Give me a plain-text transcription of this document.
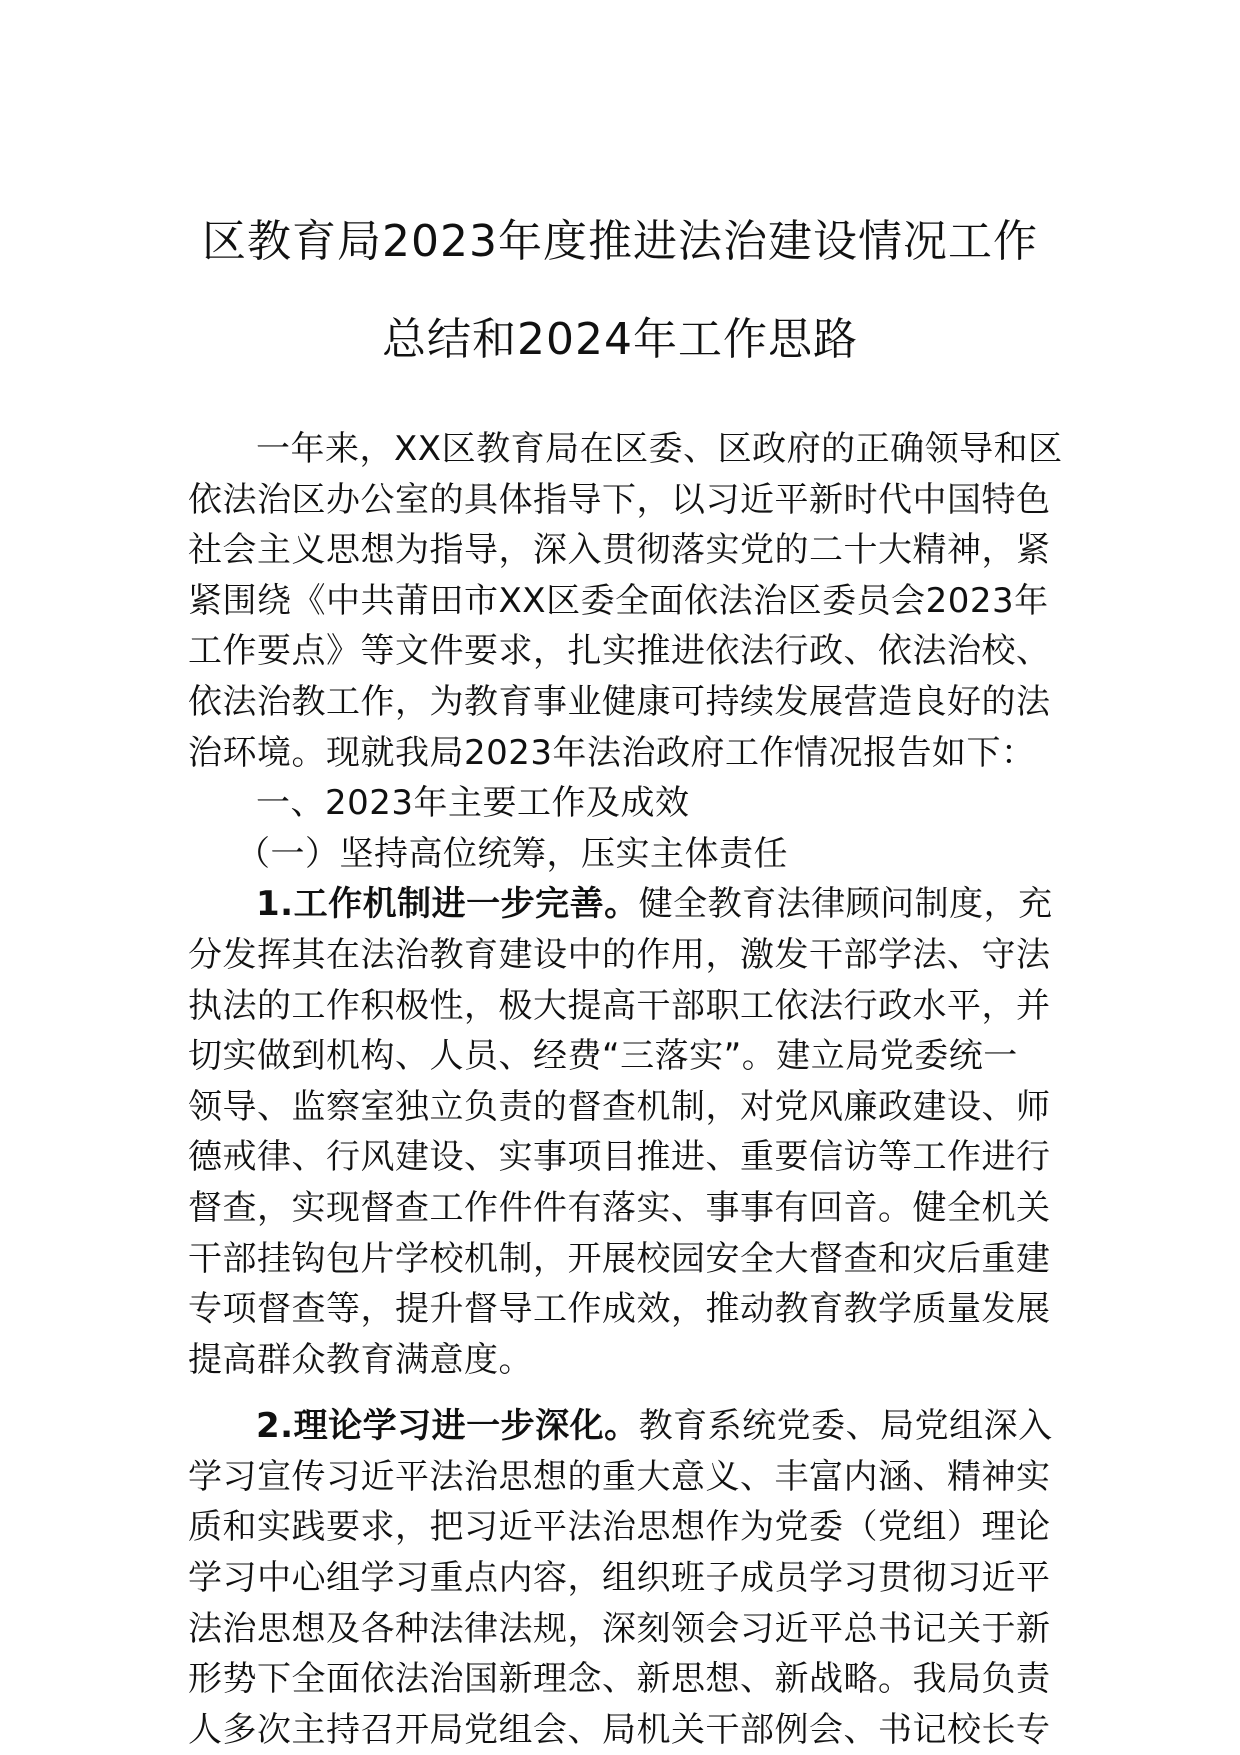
区教育局2023年度推进法治建设情况工作
总结和2024年工作思路
一年来，XX区教育局在区委、区政府的正确领导和区
依法治区办公室的具体指导下，以习近平新时代中国特色
社会主义思想为指导，深入贯彻落实党的二十大精神，紧
紧围绕《中共莆田市XX区委全面依法治区委员会2023年
工作要点》等文件要求，扎实推进依法行政、依法治校、
依法治教工作，为教育事业健康可持续发展营造良好的法
治环境。现就我局2023年法治政府工作情况报告如下：
一、2023年主要工作及成效
（一）坚持高位统筹，压实主体责任
1.工作机制进一步完善。健全教育法律顾问制度，充
分发挥其在法治教育建设中的作用，激发干部学法、守法
执法的工作积极性，极大提高干部职工依法行政水平，并
切实做到机构、人员、经费“三落实”。建立局党委统一
领导、监察室独立负责的督查机制，对党风廉政建设、师
德戒律、行风建设、实事项目推进、重要信访等工作进行
督查，实现督查工作件件有落实、事事有回音。健全机关
干部挂钩包片学校机制，开展校园安全大督查和灾后重建
专项督查等，提升督导工作成效，推动教育教学质量发展
提高群众教育满意度。
2.理论学习进一步深化。教育系统党委、局党组深入
学习宣传习近平法治思想的重大意义、丰富内涵、精神实
质和实践要求，把习近平法治思想作为党委（党组）理论
学习中心组学习重点内容，组织班子成员学习贯彻习近平
法治思想及各种法律法规，深刻领会习近平总书记关于新
形势下全面依法治国新理念、新思想、新战略。我局负责
人多次主持召开局党组会、局机关干部例会、书记校长专
